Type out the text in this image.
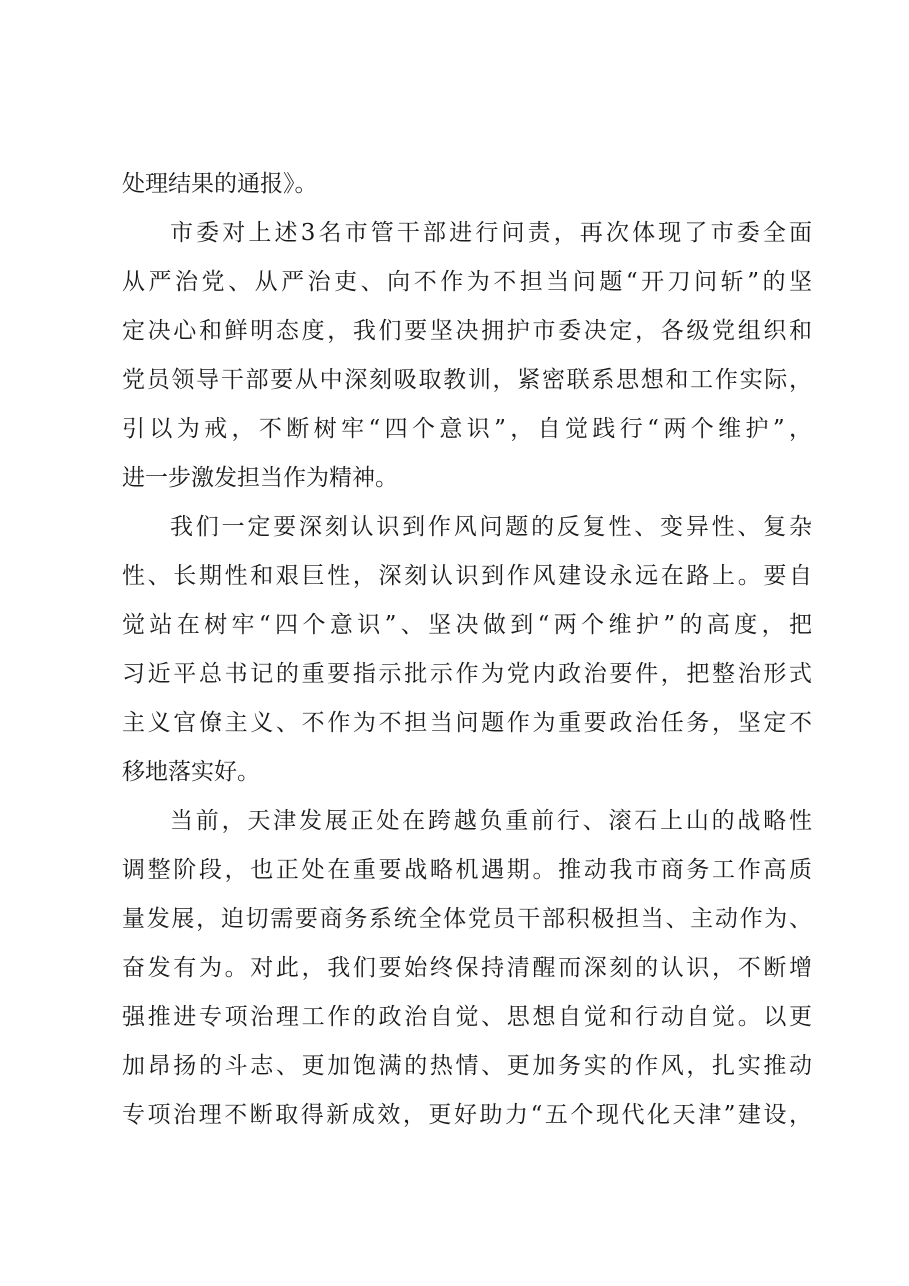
处理结果的通报》。
市委对上述3名市管干部进行问责，再次体现了市委全面
从严治党、从严治吏、向不作为不担当问题“开刀问斩”的坚
定决心和鲜明态度，我们要坚决拥护市委决定，各级党组织和
党员领导干部要从中深刻吸取教训，紧密联系思想和工作实际，
引以为戒，不断树牢“四个意识”，自觉践行“两个维护”，
进一步激发担当作为精神。
我们一定要深刻认识到作风问题的反复性、变异性、复杂
性、长期性和艰巨性，深刻认识到作风建设永远在路上。要自
觉站在树牢“四个意识”、坚决做到“两个维护”的高度，把
习近平总书记的重要指示批示作为党内政治要件，把整治形式
主义官僚主义、不作为不担当问题作为重要政治任务，坚定不
移地落实好。
当前，天津发展正处在跨越负重前行、滚石上山的战略性
调整阶段，也正处在重要战略机遇期。推动我市商务工作高质
量发展，迫切需要商务系统全体党员干部积极担当、主动作为、
奋发有为。对此，我们要始终保持清醒而深刻的认识，不断增
强推进专项治理工作的政治自觉、思想自觉和行动自觉。以更
加昂扬的斗志、更加饱满的热情、更加务实的作风，扎实推动
专项治理不断取得新成效，更好助力“五个现代化天津”建设，
